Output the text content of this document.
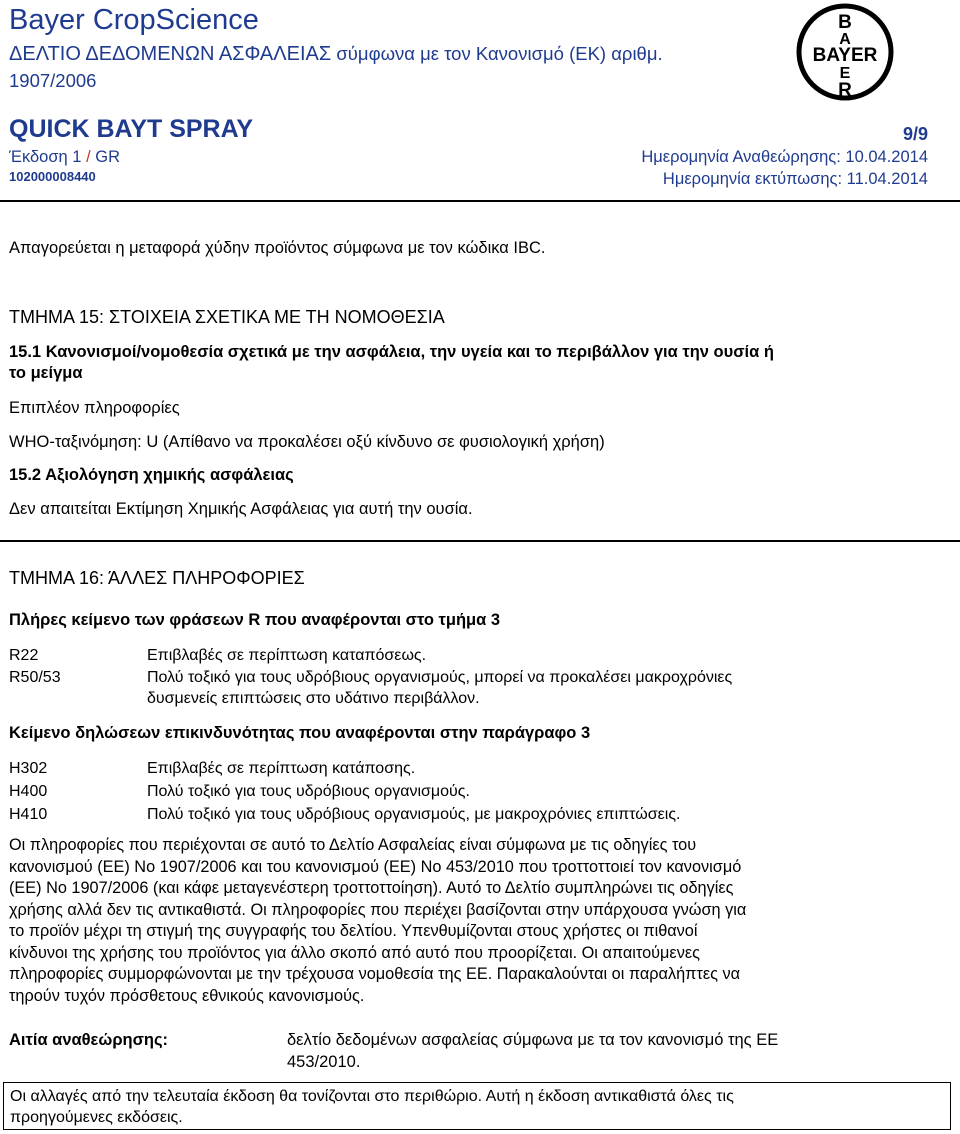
Bayer CropScience
ΔΕΛΤΙΟ ΔΕΔΟΜΕΝΩΝ ΑΣΦΑΛΕΙΑΣ σύμφωνα με τον Κανονισμό (ΕΚ) αριθμ.
1907/2006
B
A
BAYER
E
R
QUICK BAYT SPRAY	9/9
Έκδοση 1 / GR	Ημερομηνία Αναθεώρησης: 10.04.2014
102000008440	Ημερομηνία εκτύπωσης: 11.04.2014
Απαγορεύεται η μεταφορά χύδην προϊόντος σύμφωνα με τον κώδικα IBC.
ΤΜΗΜΑ 15: ΣΤΟΙΧΕΙΑ ΣΧΕΤΙΚΑ ΜΕ ΤΗ ΝΟΜΟΘΕΣΙΑ
15.1 Κανονισμοί/νομοθεσία σχετικά με την ασφάλεια, την υγεία και το περιβάλλον για την ουσία ή
το μείγμα
Επιπλέον πληροφορίες
WHO-ταξινόμηση: U (Απίθανο να προκαλέσει οξύ κίνδυνο σε φυσιολογική χρήση)
15.2 Αξιολόγηση χημικής ασφάλειας
Δεν απαιτείται Εκτίμηση Χημικής Ασφάλειας για αυτή την ουσία.
ΤΜΗΜΑ 16: ΆΛΛΕΣ ΠΛΗΡΟΦΟΡΙΕΣ
Πλήρες κείμενο των φράσεων R που αναφέρονται στο τμήμα 3
R22	Επιβλαβές σε περίπτωση καταπόσεως.
R50/53	Πολύ τοξικό για τους υδρόβιους οργανισμούς, μπορεί να προκαλέσει μακροχρόνιες
δυσμενείς επιπτώσεις στο υδάτινο περιβάλλον.
Κείμενο δηλώσεων επικινδυνότητας που αναφέρονται στην παράγραφο 3
H302	Επιβλαβές σε περίπτωση κατάποσης.
H400	Πολύ τοξικό για τους υδρόβιους οργανισμούς.
H410	Πολύ τοξικό για τους υδρόβιους οργανισμούς, με μακροχρόνιες επιπτώσεις.
Οι πληροφορίες που περιέχονται σε αυτό το Δελτίο Ασφαλείας είναι σύμφωνα με τις οδηγίες του
κανονισμού (ΕΕ) Νο 1907/2006 και του κανονισμού (ΕΕ) Νο 453/2010 που τροττοττοιεί τον κανονισμό
(ΕΕ) Νο 1907/2006 (και κάφε μεταγενέστερη τροττοττοίηση). Αυτό το Δελτίο συμπληρώνει τις οδηγίες
χρήσης αλλά δεν τις αντικαθιστά. Οι πληροφορίες που περιέχει βασίζονται στην υπάρχουσα γνώση για
το προϊόν μέχρι τη στιγμή της συγγραφής του δελτίου. Υπενθυμίζονται στους χρήστες οι πιθανοί
κίνδυνοι της χρήσης του προϊόντος για άλλο σκοπό από αυτό που προορίζεται. Οι απαιτούμενες
πληροφορίες συμμορφώνονται με την τρέχουσα νομοθεσία της ΕΕ. Παρακαλούνται οι παραλήπτες να
τηρούν τυχόν πρόσθετους εθνικούς κανονισμούς.
Αιτία αναθεώρησης:	δελτίο δεδομένων ασφαλείας σύμφωνα με τα τον κανονισμό της ΕΕ
453/2010.
Οι αλλαγές από την τελευταία έκδοση θα τονίζονται στο περιθώριο. Αυτή η έκδοση αντικαθιστά όλες τις
προηγούμενες εκδόσεις.
